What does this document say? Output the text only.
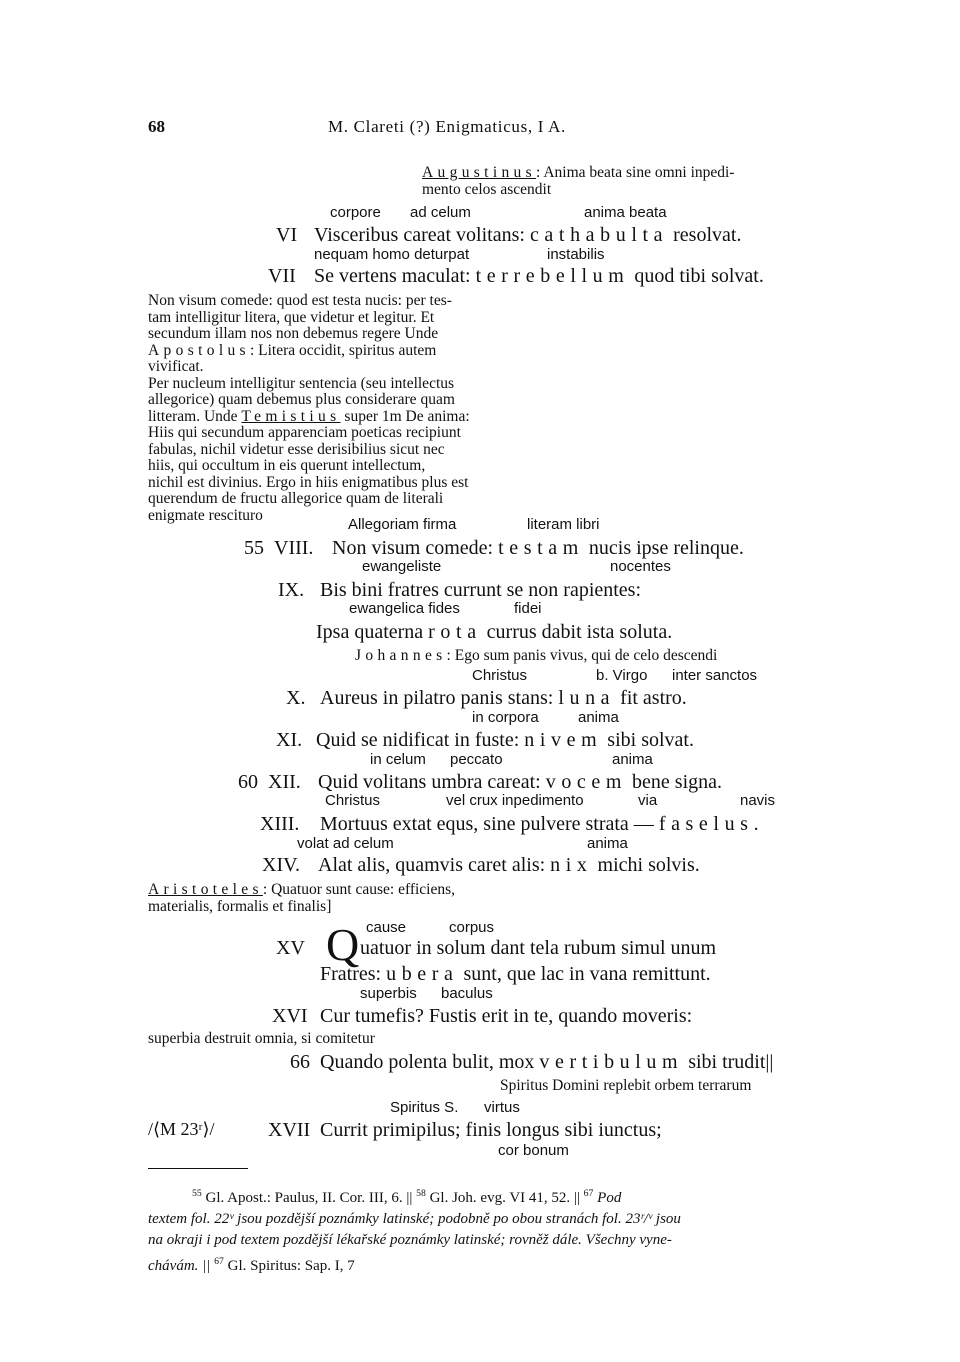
68	M. Clareti (?) Enigmaticus, I A.
Augustinus: Anima beata sine omni inpedi-
mento celos ascendit
corpore ad celum	anima beata
VI Visceribus careat volitans: cathabulta resolvat.
nequam homo deturpat	instabilis
VII Se vertens maculat: terrebellum quod tibi solvat.
Non visum comede: quod est testa nucis: per tes-
tam intelligitur litera, que videtur et legitur. Et
secundum illam nos non debemus regere Unde
Apostolus: Litera occidit, spiritus autem
vivificat.
Per nucleum intelligitur sentencia (seu intellectus
allegorice) quam debemus plus considerare quam
litteram. Unde Temistius super 1m De anima:
Hiis qui secundum apparenciam poeticas recipiunt
fabulas, nichil videtur esse derisibilius sicut nec
hiis, qui occultum in eis querunt intellectum,
nichil est divinius. Ergo in hiis enigmatibus plus est
querendum de fructu allegorice quam de literali
enigmate rescituro
Allegoriam firma	literam libri
55 VIII. Non visum comede: testam nucis ipse relinque.
ewangeliste	nocentes
IX. Bis bini fratres currunt se non rapientes:
ewangelica fides	fidei
Ipsa quaterna rota currus dabit ista soluta.
Johannes: Ego sum panis vivus, qui de celo descendi
Christus	b. Virgo inter sanctos
X. Aureus in pilatro panis stans: luna fit astro.
in corpora	anima
XI. Quid se nidificat in fuste: nivem sibi solvat.
in celum peccato	anima
60 XII. Quid volitans umbra careat: vocem bene signa.
Christus	vel crux inpedimento	via	navis
XIII. Mortuus extat equs, sine pulvere strata — faselus.
volat ad celum	anima
XIV. Alat alis, quamvis caret alis: nix michi solvis.
Aristoteles: Quatuor sunt cause: efficiens,
materialis, formalis et finalis]
cause	corpus
XV Q uatuor in solum dant tela rubum simul unum
Fratres: ubera sunt, que lac in vana remittunt.
superbis baculus
XVI Cur tumefis? Fustis erit in te, quando moveris:
superbia destruit omnia, si comitetur
66 Quando polenta bulit, mox vertibulum sibi trudit||
Spiritus Domini replebit orbem terrarum
Spiritus S. virtus
/⟨M 23ʳ⟩/	XVII Currit primipilus; finis longus sibi iunctus;
cor bonum
$^{55}$ Gl. Apost.: Paulus, II. Cor. III, 6. || $^{58}$ Gl. Joh. evg. VI 41, 52. || $^{67}$ Pod
textem fol. 22ᵛ jsou pozdější poznámky latinské; podobně po obou stranách fol. 23ʳ/ᵛ jsou
na okraji i pod textem pozdější lékařské poznámky latinské; rovněž dále. Všechny vyne-
chávám. || $^{67}$ Gl. Spiritus: Sap. I, 7
